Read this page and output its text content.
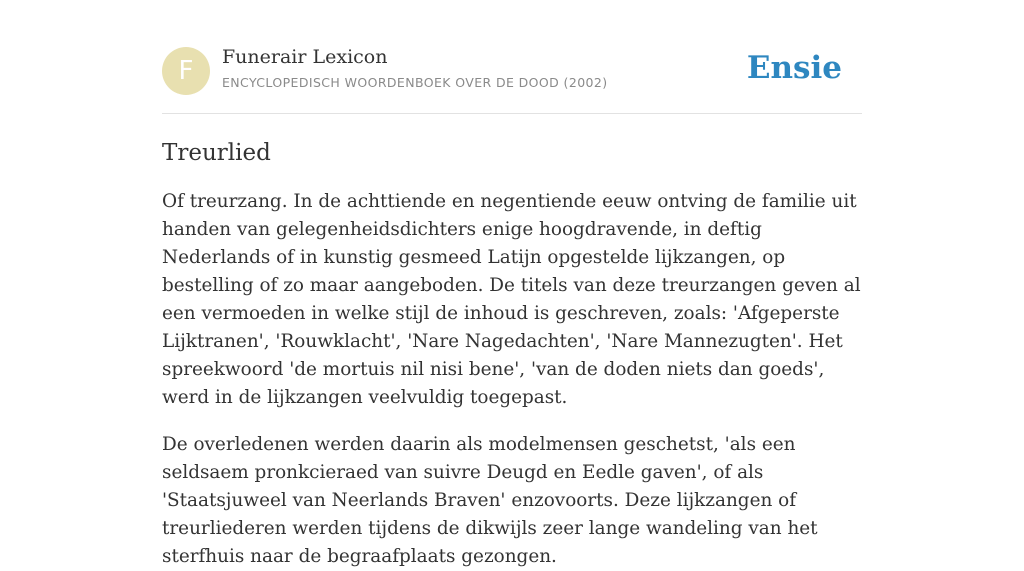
F	Funerair Lexicon
ENCYCLOPEDISCH WOORDENBOEK OVER DE DOOD (2002)	Ensie
Treurlied

Of treurzang. In de achttiende en negentiende eeuw ontving de familie uit handen van gelegenheidsdichters enige hoogdravende, in deftig Nederlands of in kunstig gesmeed Latijn opgestelde lijkzangen, op bestelling of zo maar aangeboden. De titels van deze treurzangen geven al een vermoeden in welke stijl de inhoud is geschreven, zoals: 'Afgeperste Lijktranen', 'Rouwklacht', 'Nare Nagedachten', 'Nare Mannezugten'. Het spreekwoord 'de mortuis nil nisi bene', 'van de doden niets dan goeds', werd in de lijkzangen veelvuldig toegepast.

De overledenen werden daarin als modelmensen geschetst, 'als een seldsaem pronkcieraed van suivre Deugd en Eedle gaven', of als 'Staatsjuweel van Neerlands Braven' enzovoorts. Deze lijkzangen of treurliederen werden tijdens de dikwijls zeer lange wandeling van het sterfhuis naar de begraafplaats gezongen.
